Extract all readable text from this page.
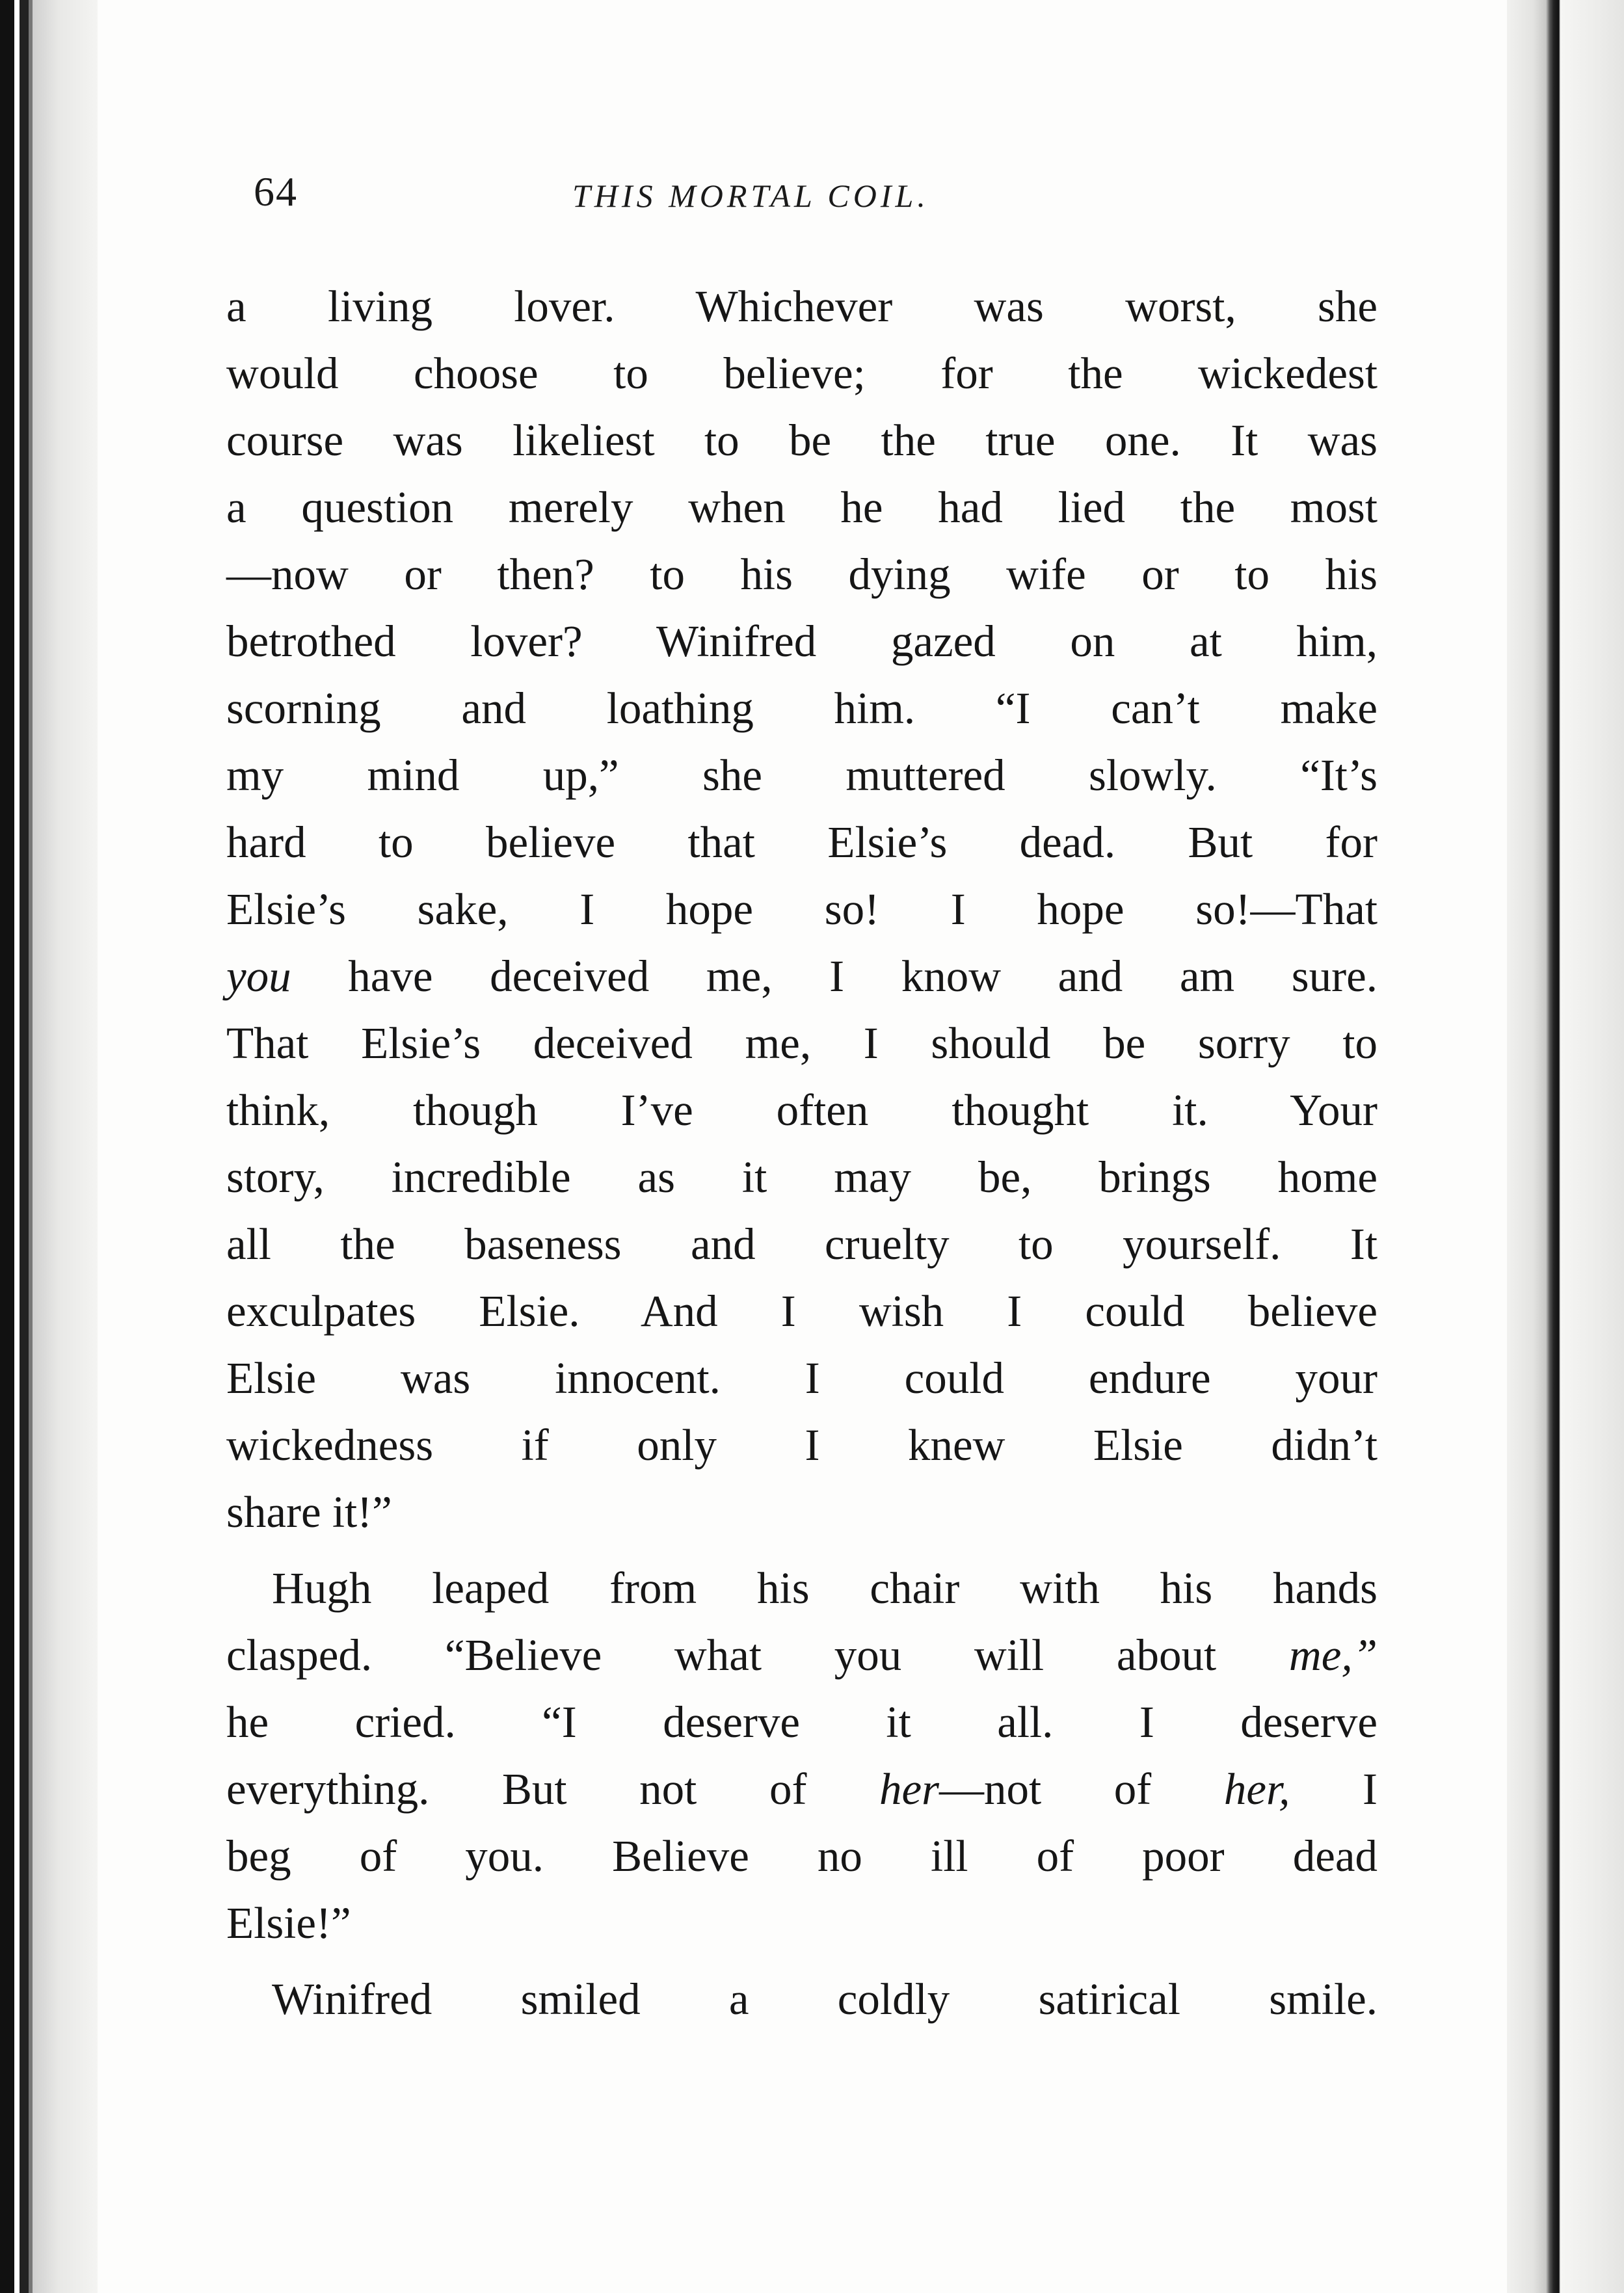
64	THIS MORTAL COIL.
a living lover. Whichever was worst, she
would choose to believe; for the wickedest
course was likeliest to be the true one. It was
a question merely when he had lied the most
—now or then? to his dying wife or to his
betrothed lover? Winifred gazed on at him,
scorning and loathing him. “I can’t make
my mind up,” she muttered slowly. “It’s
hard to believe that Elsie’s dead. But for
Elsie’s sake, I hope so! I hope so!—That
you have deceived me, I know and am sure.
That Elsie’s deceived me, I should be sorry to
think, though I’ve often thought it. Your
story, incredible as it may be, brings home
all the baseness and cruelty to yourself. It
exculpates Elsie. And I wish I could believe
Elsie was innocent. I could endure your
wickedness if only I knew Elsie didn’t
share it!”
Hugh leaped from his chair with his hands
clasped. “Believe what you will about me,”
he cried. “I deserve it all. I deserve
everything. But not of her—not of her, I
beg of you. Believe no ill of poor dead
Elsie!”
Winifred smiled a coldly satirical smile.
